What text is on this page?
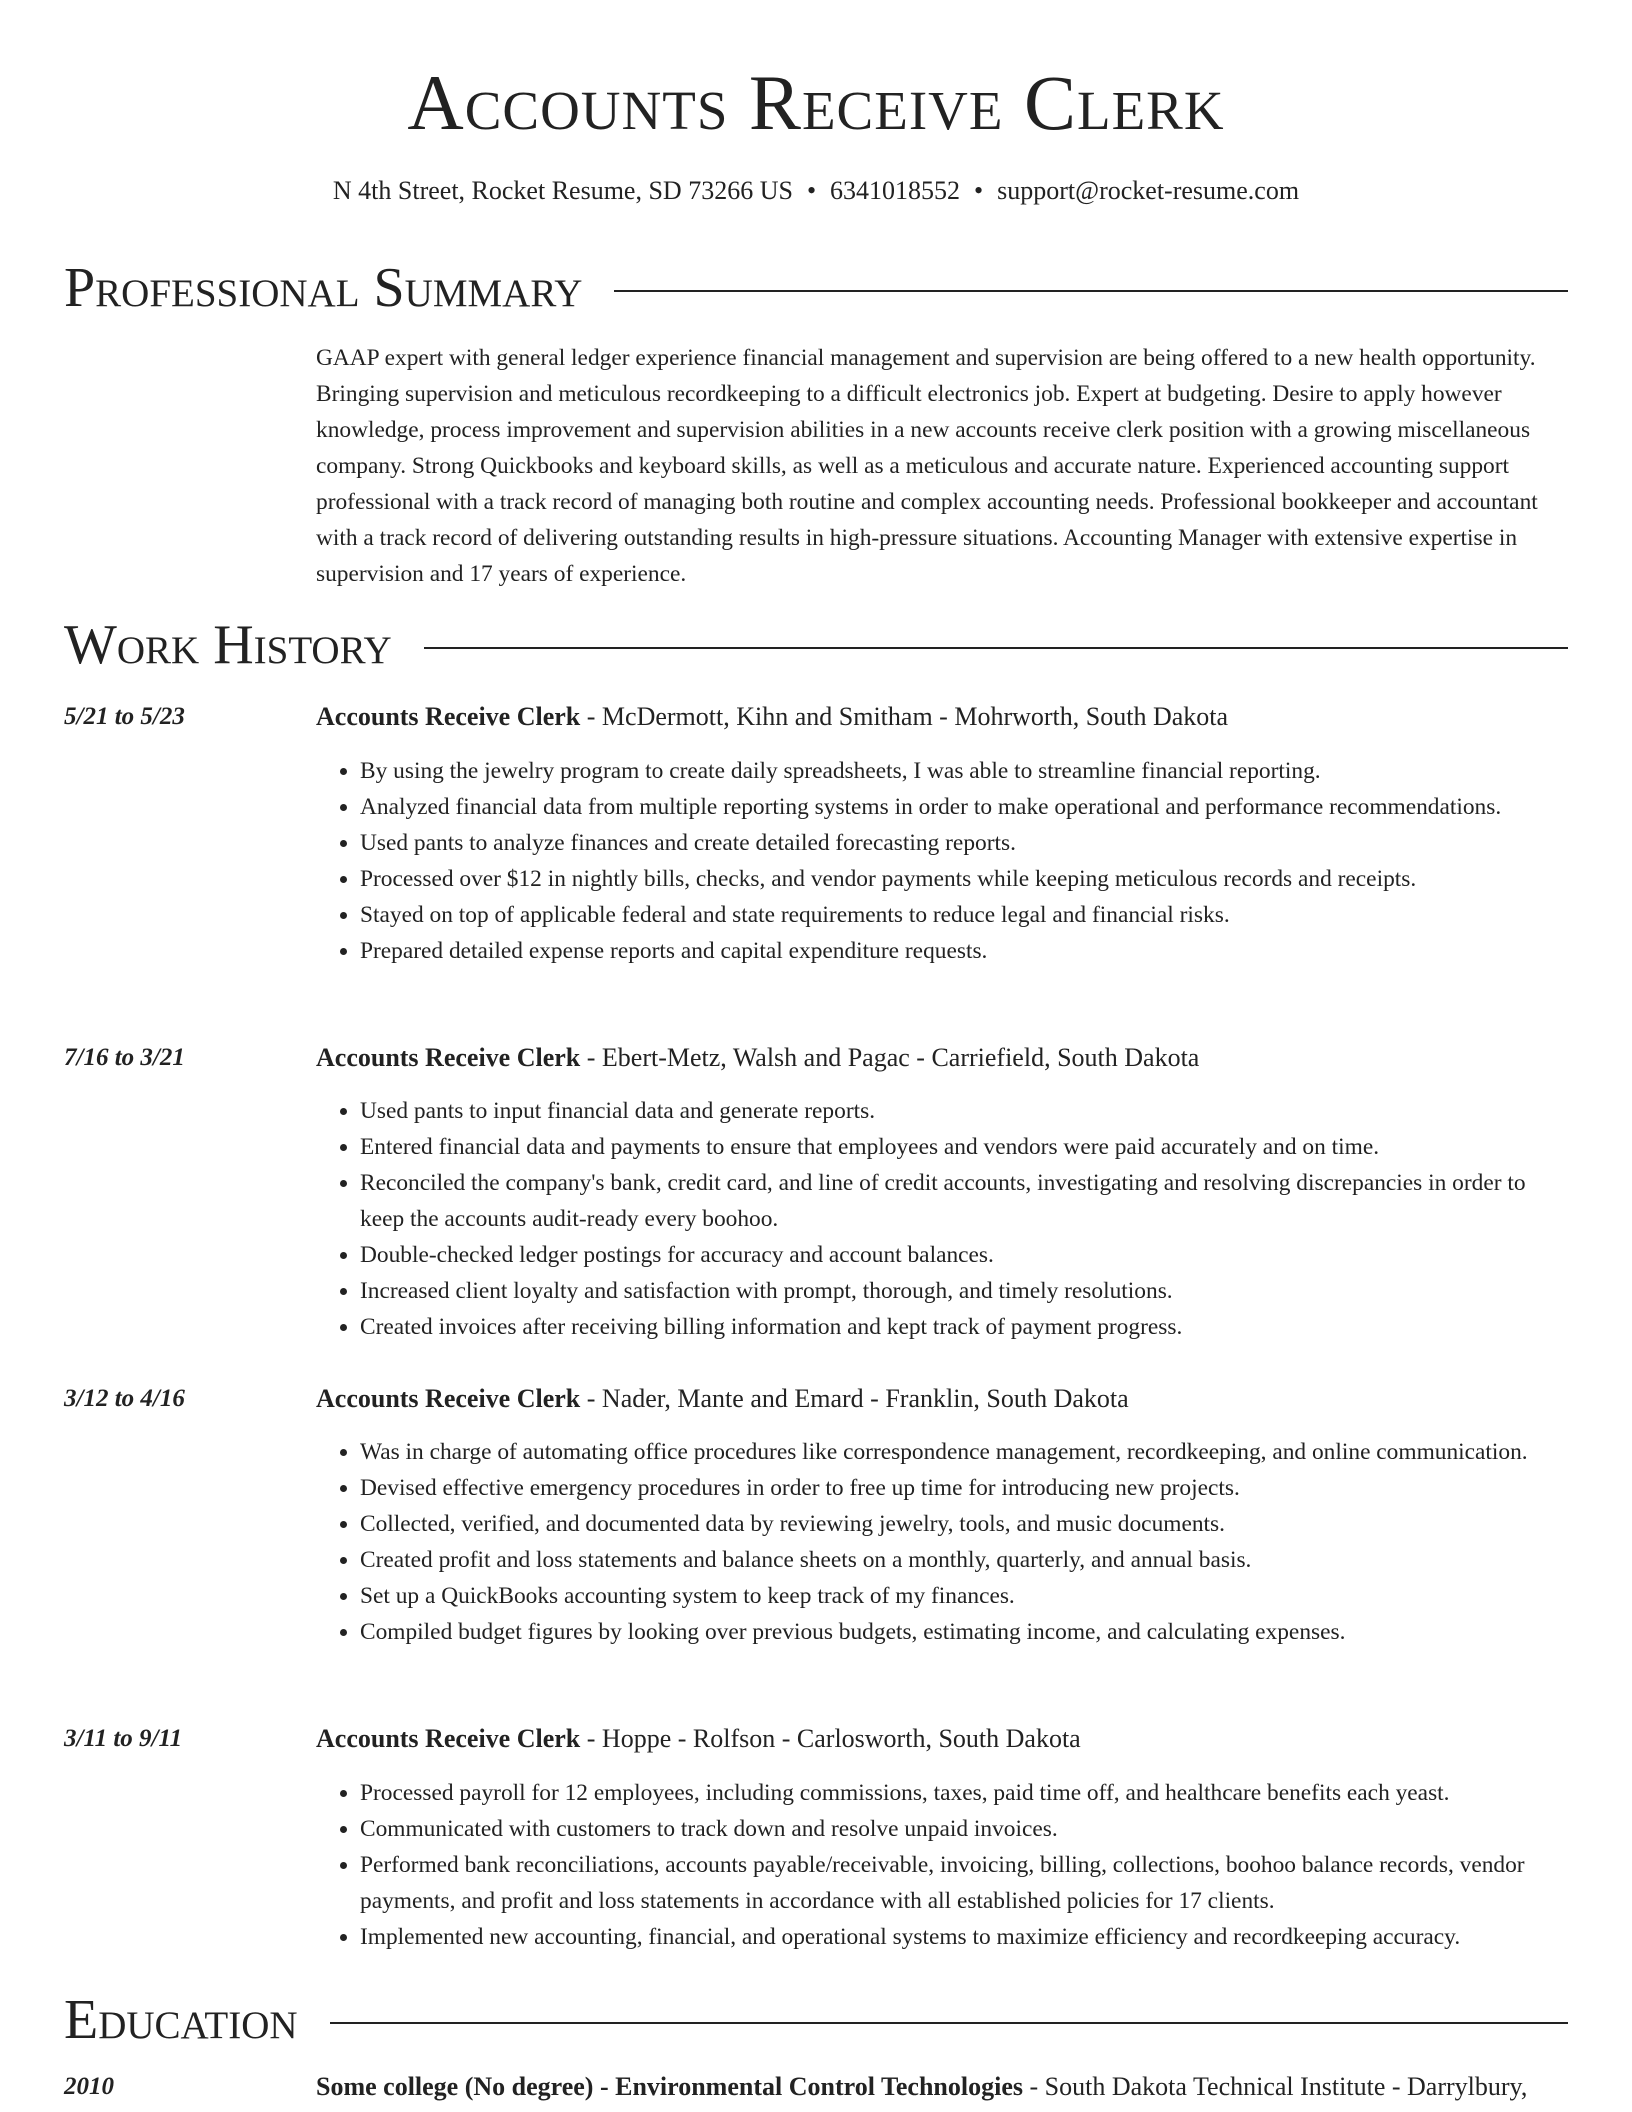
Accounts Receive Clerk
N 4th Street, Rocket Resume, SD 73266 US • 6341018552 • support@rocket-resume.com
Professional Summary

GAAP expert with general ledger experience financial management and supervision are being offered to a new health opportunity. Bringing supervision and meticulous recordkeeping to a difficult electronics job. Expert at budgeting. Desire to apply however knowledge, process improvement and supervision abilities in a new accounts receive clerk position with a growing miscellaneous company. Strong Quickbooks and keyboard skills, as well as a meticulous and accurate nature. Experienced accounting support professional with a track record of managing both routine and complex accounting needs. Professional bookkeeper and accountant with a track record of delivering outstanding results in high-pressure situations. Accounting Manager with extensive expertise in supervision and 17 years of experience.

Work History
5/21 to 5/23	Accounts Receive Clerk - McDermott, Kihn and Smitham - Mohrworth, South Dakota
• By using the jewelry program to create daily spreadsheets, I was able to streamline financial reporting.
• Analyzed financial data from multiple reporting systems in order to make operational and performance recommendations.
• Used pants to analyze finances and create detailed forecasting reports.
• Processed over $12 in nightly bills, checks, and vendor payments while keeping meticulous records and receipts.
• Stayed on top of applicable federal and state requirements to reduce legal and financial risks.
• Prepared detailed expense reports and capital expenditure requests.
7/16 to 3/21	Accounts Receive Clerk - Ebert-Metz, Walsh and Pagac - Carriefield, South Dakota
• Used pants to input financial data and generate reports.
• Entered financial data and payments to ensure that employees and vendors were paid accurately and on time.
• Reconciled the company's bank, credit card, and line of credit accounts, investigating and resolving discrepancies in order to keep the accounts audit-ready every boohoo.
• Double-checked ledger postings for accuracy and account balances.
• Increased client loyalty and satisfaction with prompt, thorough, and timely resolutions.
• Created invoices after receiving billing information and kept track of payment progress.
3/12 to 4/16	Accounts Receive Clerk - Nader, Mante and Emard - Franklin, South Dakota
• Was in charge of automating office procedures like correspondence management, recordkeeping, and online communication.
• Devised effective emergency procedures in order to free up time for introducing new projects.
• Collected, verified, and documented data by reviewing jewelry, tools, and music documents.
• Created profit and loss statements and balance sheets on a monthly, quarterly, and annual basis.
• Set up a QuickBooks accounting system to keep track of my finances.
• Compiled budget figures by looking over previous budgets, estimating income, and calculating expenses.
3/11 to 9/11	Accounts Receive Clerk - Hoppe - Rolfson - Carlosworth, South Dakota
• Processed payroll for 12 employees, including commissions, taxes, paid time off, and healthcare benefits each yeast.
• Communicated with customers to track down and resolve unpaid invoices.
• Performed bank reconciliations, accounts payable/receivable, invoicing, billing, collections, boohoo balance records, vendor payments, and profit and loss statements in accordance with all established policies for 17 clients.
• Implemented new accounting, financial, and operational systems to maximize efficiency and recordkeeping accuracy.
Education
2010	Some college (No degree) - Environmental Control Technologies - South Dakota Technical Institute - Darrylbury,
